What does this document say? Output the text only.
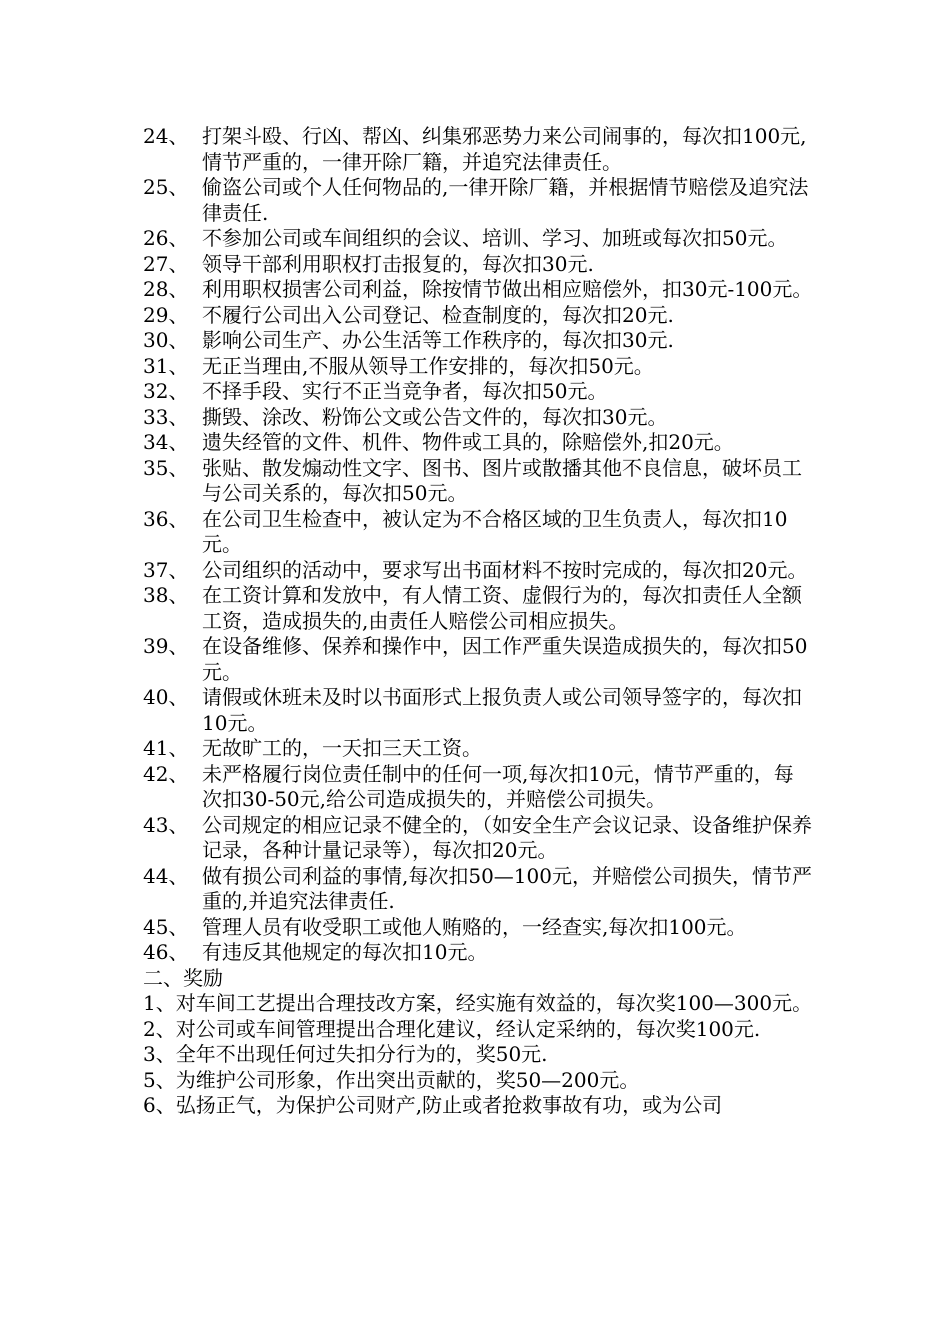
24、 打架斗殴、行凶、帮凶、纠集邪恶势力来公司闹事的，每次扣100元,情节严重的，一律开除厂籍，并追究法律责任。
25、 偷盗公司或个人任何物品的,一律开除厂籍，并根据情节赔偿及追究法律责任.
26、 不参加公司或车间组织的会议、培训、学习、加班或每次扣50元。
27、 领导干部利用职权打击报复的，每次扣30元.
28、 利用职权损害公司利益，除按情节做出相应赔偿外，扣30元-100元。
29、 不履行公司出入公司登记、检查制度的，每次扣20元.
30、 影响公司生产、办公生活等工作秩序的，每次扣30元.
31、 无正当理由,不服从领导工作安排的，每次扣50元。
32、 不择手段、实行不正当竞争者，每次扣50元。
33、 撕毁、涂改、粉饰公文或公告文件的，每次扣30元。
34、 遗失经管的文件、机件、物件或工具的，除赔偿外,扣20元。
35、 张贴、散发煽动性文字、图书、图片或散播其他不良信息，破坏员工与公司关系的，每次扣50元。
36、 在公司卫生检查中，被认定为不合格区域的卫生负责人，每次扣10元。
37、 公司组织的活动中，要求写出书面材料不按时完成的，每次扣20元。
38、 在工资计算和发放中，有人情工资、虚假行为的，每次扣责任人全额工资，造成损失的,由责任人赔偿公司相应损失。
39、 在设备维修、保养和操作中，因工作严重失误造成损失的，每次扣50元。
40、 请假或休班未及时以书面形式上报负责人或公司领导签字的，每次扣10元。
41、 无故旷工的，一天扣三天工资。
42、 未严格履行岗位责任制中的任何一项,每次扣10元，情节严重的，每次扣30-50元,给公司造成损失的，并赔偿公司损失。
43、 公司规定的相应记录不健全的，（如安全生产会议记录、设备维护保养记录，各种计量记录等），每次扣20元。
44、 做有损公司利益的事情,每次扣50—100元，并赔偿公司损失，情节严重的,并追究法律责任.
45、 管理人员有收受职工或他人贿赂的，一经查实,每次扣100元。
46、 有违反其他规定的每次扣10元。
二、奖励
1、对车间工艺提出合理技改方案，经实施有效益的，每次奖100—300元。
2、对公司或车间管理提出合理化建议，经认定采纳的，每次奖100元.
3、全年不出现任何过失扣分行为的，奖50元.
5、为维护公司形象，作出突出贡献的，奖50—200元。
6、弘扬正气，为保护公司财产,防止或者抢救事故有功，或为公司
